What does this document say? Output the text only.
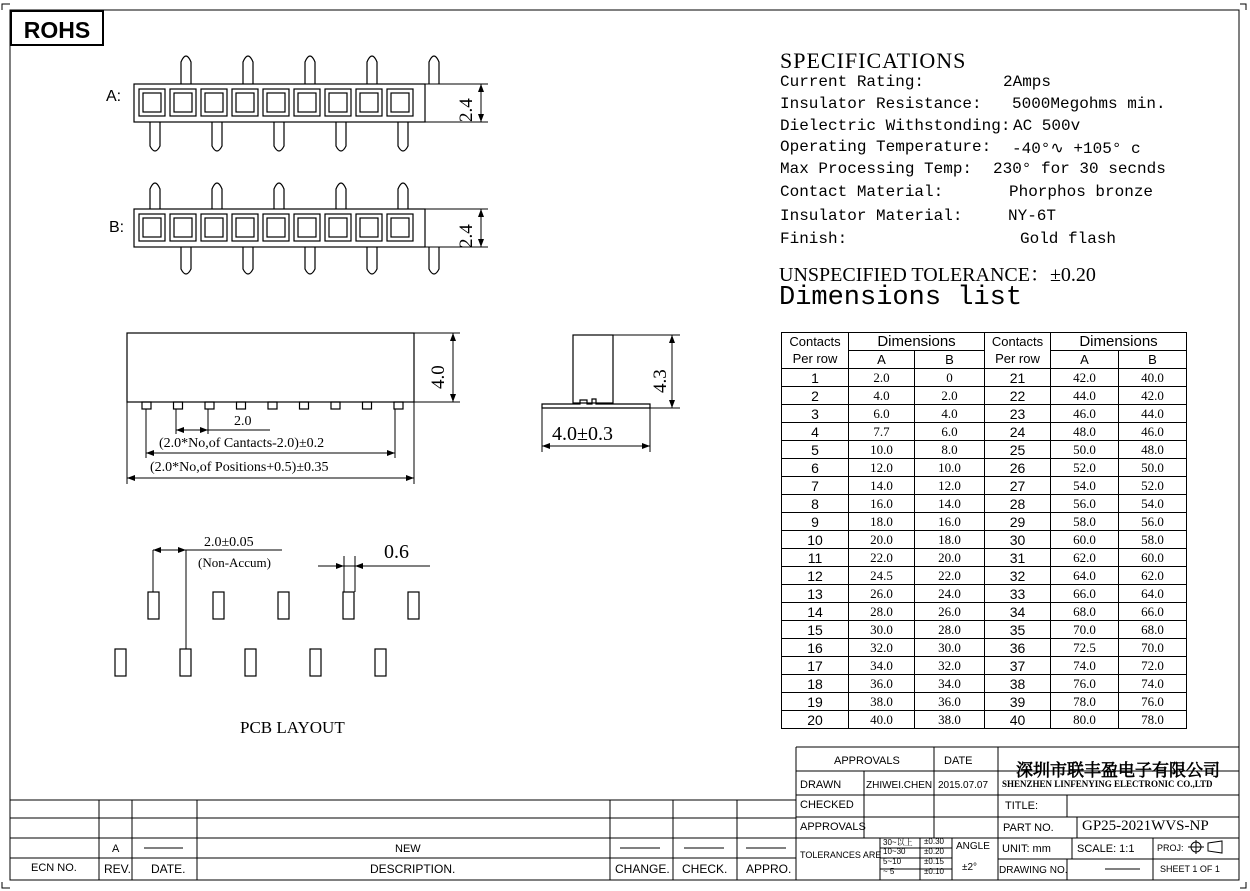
ROHS
A:
B:
2.4
2.4
4.0
2.0
(2.0*No,of Cantacts-2.0)±0.2
(2.0*No,of Positions+0.5)±0.35
4.3
4.0±0.3
2.0±0.05
(Non-Accum)	0.6
PCB LAYOUT
SPECIFICATIONS
Current Rating:	2Amps
Insulator Resistance: 5000Megohms min.
Dielectric Withstonding: AC 500v
Operating Temperature: -40°∿ +105° c
Max Processing Temp: 230° for 30 secnds
Contact Material:	Phorphos bronze
Insulator Material:	NY-6T
Finish:	Gold flash
UNSPECIFIED TOLERANCE：±0.20
Dimensions list
Contacts	Dimensions		Contacts	Dimensions	
Per row	A	B	Per row	A	B
1	2.0	0	21	42.0	40.0
2	4.0	2.0	22	44.0	42.0
3	6.0	4.0	23	46.0	44.0
4	7.7	6.0	24	48.0	46.0
5	10.0	8.0	25	50.0	48.0
6	12.0	10.0	26	52.0	50.0
7	14.0	12.0	27	54.0	52.0
8	16.0	14.0	28	56.0	54.0
9	18.0	16.0	29	58.0	56.0
10	20.0	18.0	30	60.0	58.0
11	22.0	20.0	31	62.0	60.0
12	24.5	22.0	32	64.0	62.0
13	26.0	24.0	33	66.0	64.0
14	28.0	26.0	34	68.0	66.0
15	30.0	28.0	35	70.0	68.0
16	32.0	30.0	36	72.5	70.0
17	34.0	32.0	37	74.0	72.0
18	36.0	34.0	38	76.0	74.0
19	38.0	36.0	39	78.0	76.0
20	40.0	38.0	40	80.0	78.0
APPROVALS	DATE
DRAWN ZHIWEI.CHEN 2015.07.07
CHECKED
APPROVALS
TOLERANCES ARE
30~以上 ±0.30
10~30 ±0.20
5~10	±0.15
~ 5	±0.10
ANGLE
±2°
深圳市联丰盈电子有限公司
SHENZHEN LINFENYING ELECTRONIC CO.,LTD
TITLE:
PART NO. GP25-2021WVS-NP
UNIT: mm SCALE: 1:1	PROJ:
DRAWING NO.	SHEET 1 OF 1
A	NEW
ECN NO. REV. DATE.	DESCRIPTION.	CHANGE. CHECK. APPRO.
